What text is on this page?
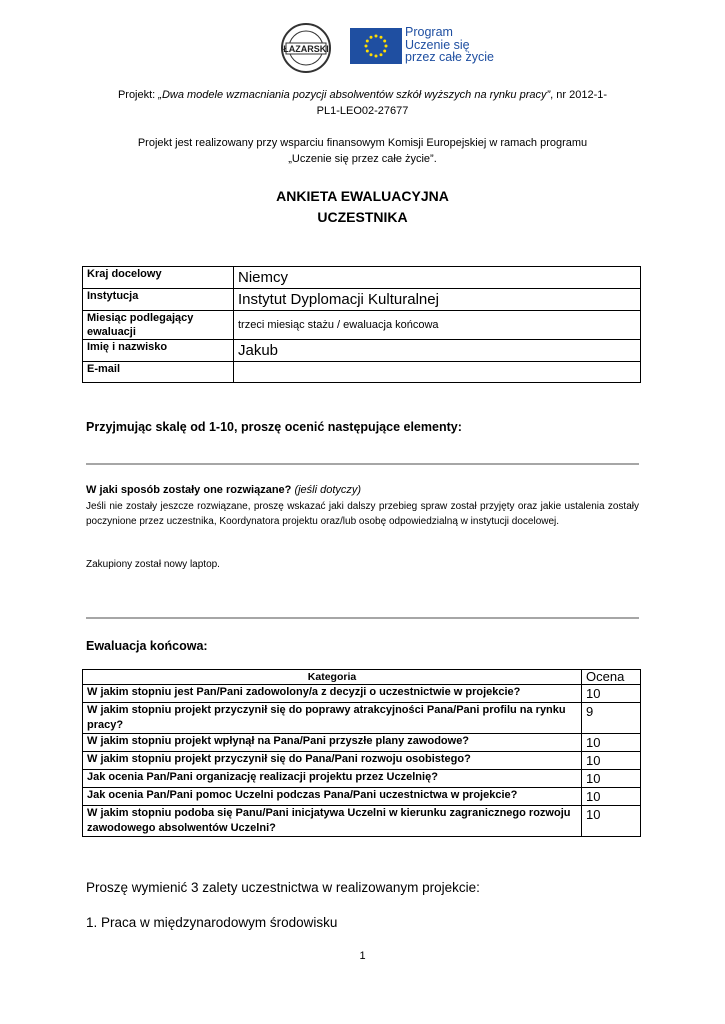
ŁAZARSKI
Program
Uczenie się
przez całe życie
Projekt: „Dwa modele wzmacniania pozycji absolwentów szkół wyższych na rynku pracy”, nr 2012-1-
PL1-LEO02-27677
Projekt jest realizowany przy wsparciu finansowym Komisji Europejskiej w ramach programu
„Uczenie się przez całe życie”.
ANKIETA EWALUACYJNA
UCZESTNIKA
Kraj docelowy	Niemcy
Instytucja	Instytut Dyplomacji Kulturalnej
Miesiąc podlegający ewaluacji	trzeci miesiąc stażu / ewaluacja końcowa
Imię i nazwisko	Jakub
E-mail	
Przyjmując skalę od 1-10, proszę ocenić następujące elementy:
W jaki sposób zostały one rozwiązane? (jeśli dotyczy)
Jeśli nie zostały jeszcze rozwiązane, proszę wskazać jaki dalszy przebieg spraw został przyjęty oraz jakie ustalenia zostały poczynione przez uczestnika, Koordynatora projektu oraz/lub osobę odpowiedzialną w instytucji docelowej.
Zakupiony został nowy laptop.
Ewaluacja końcowa:
Kategoria	Ocena
W jakim stopniu jest Pan/Pani zadowolony/a z decyzji o uczestnictwie w projekcie?	10
W jakim stopniu projekt przyczynił się do poprawy atrakcyjności Pana/Pani profilu na rynku pracy?	9
W jakim stopniu projekt wpłynął na Pana/Pani przyszłe plany zawodowe?	10
W jakim stopniu projekt przyczynił się do Pana/Pani rozwoju osobistego?	10
Jak ocenia Pan/Pani organizację realizacji projektu przez Uczelnię?	10
Jak ocenia Pan/Pani pomoc Uczelni podczas Pana/Pani uczestnictwa w projekcie?	10
W jakim stopniu podoba się Panu/Pani inicjatywa Uczelni w kierunku zagranicznego rozwoju zawodowego absolwentów Uczelni?	10
Proszę wymienić 3 zalety uczestnictwa w realizowanym projekcie:
1. Praca w międzynarodowym środowisku
1
